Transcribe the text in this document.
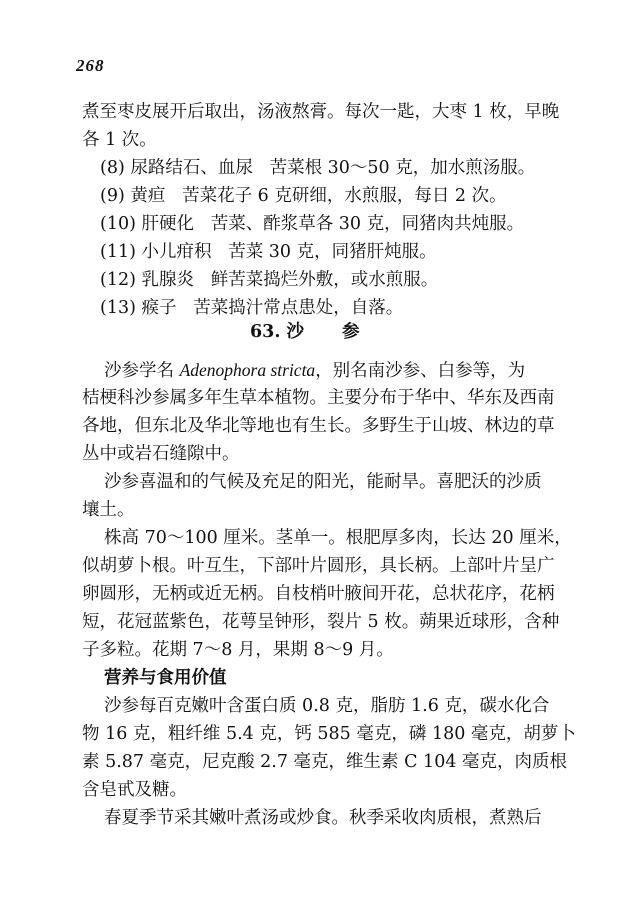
268
煮至枣皮展开后取出，汤液熬膏。每次一匙，大枣 1 枚，早晚
各 1 次。
(8) 尿路结石、血尿 苦菜根 30～50 克，加水煎汤服。
(9) 黄疸 苦菜花子 6 克研细，水煎服，每日 2 次。
(10) 肝硬化 苦菜、酢浆草各 30 克，同猪肉共炖服。
(11) 小儿疳积 苦菜 30 克，同猪肝炖服。
(12) 乳腺炎 鲜苦菜捣烂外敷，或水煎服。
(13) 瘊子 苦菜捣汁常点患处，自落。
63. 沙 参
沙参学名 Adenophora stricta，别名南沙参、白参等，为
桔梗科沙参属多年生草本植物。主要分布于华中、华东及西南
各地，但东北及华北等地也有生长。多野生于山坡、林边的草
丛中或岩石缝隙中。
沙参喜温和的气候及充足的阳光，能耐旱。喜肥沃的沙质
壤土。
株高 70～100 厘米。茎单一。根肥厚多肉，长达 20 厘米，
似胡萝卜根。叶互生，下部叶片圆形，具长柄。上部叶片呈广
卵圆形，无柄或近无柄。自枝梢叶腋间开花，总状花序，花柄
短，花冠蓝紫色，花萼呈钟形，裂片 5 枚。蒴果近球形，含种
子多粒。花期 7～8 月，果期 8～9 月。
营养与食用价值
沙参每百克嫩叶含蛋白质 0.8 克，脂肪 1.6 克，碳水化合
物 16 克，粗纤维 5.4 克，钙 585 毫克，磷 180 毫克，胡萝卜
素 5.87 毫克，尼克酸 2.7 毫克，维生素 C 104 毫克，肉质根
含皂甙及糖。
春夏季节采其嫩叶煮汤或炒食。秋季采收肉质根，煮熟后
